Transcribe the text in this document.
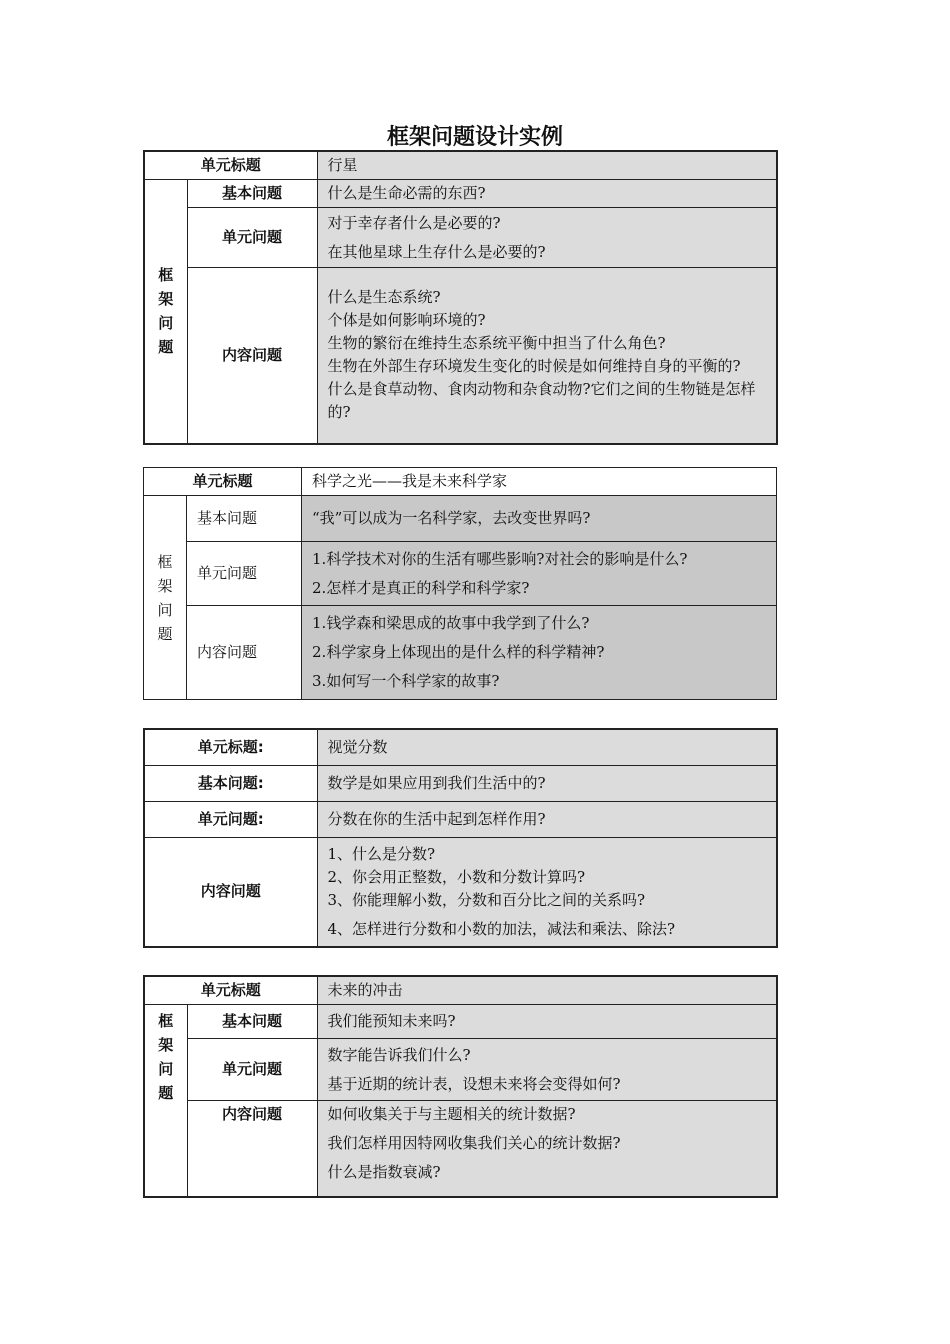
框架问题设计实例
单元标题		行星

框
架
问
题	基本问题	什么是生命必需的东西?

	单元问题	对于幸存者什么是必要的?
在其他星球上生存什么是必要的?

	内容问题	什么是生态系统?
个体是如何影响环境的?
生物的繁衍在维持生态系统平衡中担当了什么角色?
生物在外部生存环境发生变化的时候是如何维持自身的平衡的?
什么是食草动物、食肉动物和杂食动物?它们之间的生物链是怎样的?
单元标题		科学之光——我是未来科学家

框
架
问
题	基本问题	“我”可以成为一名科学家，去改变世界吗?

	单元问题	1.科学技术对你的生活有哪些影响?对社会的影响是什么?
2.怎样才是真正的科学和科学家?

	内容问题	1.钱学森和梁思成的故事中我学到了什么?
2.科学家身上体现出的是什么样的科学精神?
3.如何写一个科学家的故事?
单元标题:	视觉分数
基本问题:	数学是如果应用到我们生活中的?

单元问题:	分数在你的生活中起到怎样作用?

内容问题	1、什么是分数?
2、你会用正整数，小数和分数计算吗?
3、你能理解小数，分数和百分比之间的关系吗?
4、怎样进行分数和小数的加法，减法和乘法、除法?
单元标题		未来的冲击

框
架
问
题	基本问题	我们能预知未来吗?

	单元问题	数字能告诉我们什么?
基于近期的统计表，设想未来将会变得如何?

	内容问题	如何收集关于与主题相关的统计数据?
我们怎样用因特网收集我们关心的统计数据?
什么是指数衰减?
